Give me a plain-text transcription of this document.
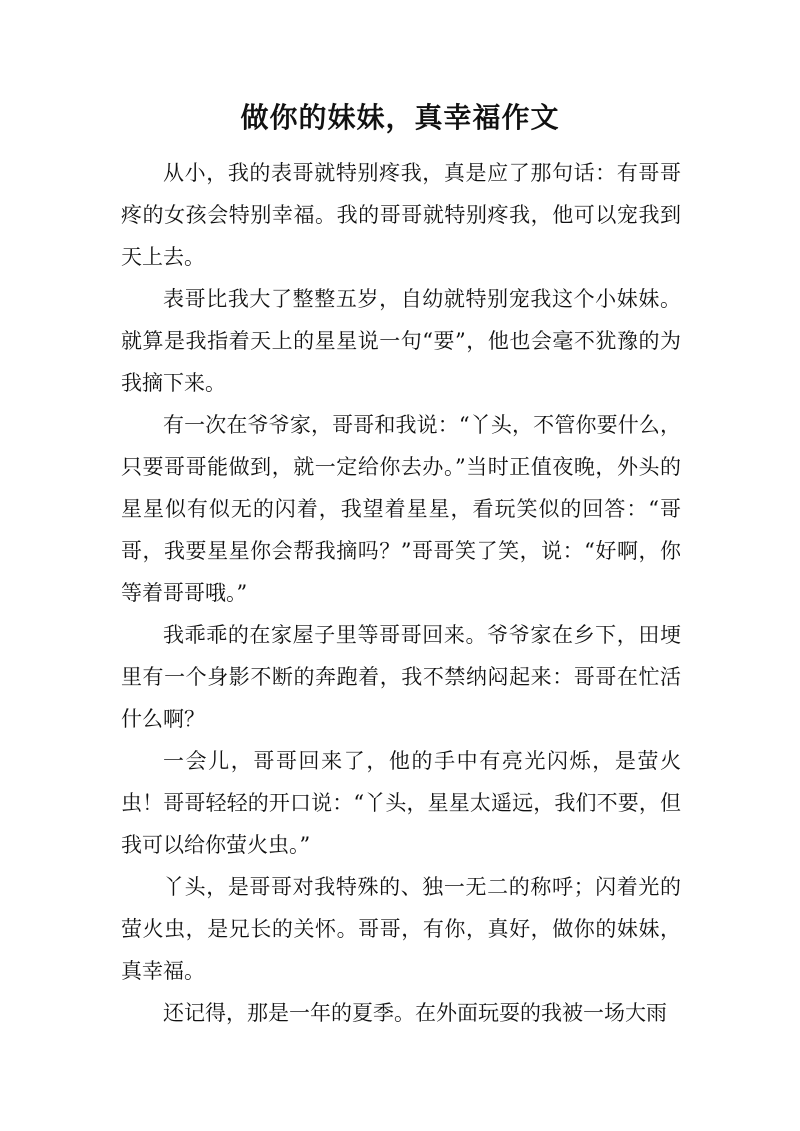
做你的妹妹，真幸福作文

从小，我的表哥就特别疼我，真是应了那句话：有哥哥疼的女孩会特别幸福。我的哥哥就特别疼我，他可以宠我到天上去。

表哥比我大了整整五岁，自幼就特别宠我这个小妹妹。就算是我指着天上的星星说一句“要”，他也会毫不犹豫的为我摘下来。

有一次在爷爷家，哥哥和我说：“丫头，不管你要什么，只要哥哥能做到，就一定给你去办。”当时正值夜晚，外头的星星似有似无的闪着，我望着星星，看玩笑似的回答：“哥哥，我要星星你会帮我摘吗？”哥哥笑了笑，说：“好啊，你等着哥哥哦。”

我乖乖的在家屋子里等哥哥回来。爷爷家在乡下，田埂里有一个身影不断的奔跑着，我不禁纳闷起来：哥哥在忙活什么啊？

一会儿，哥哥回来了，他的手中有亮光闪烁，是萤火虫！哥哥轻轻的开口说：“丫头，星星太遥远，我们不要，但我可以给你萤火虫。”

丫头，是哥哥对我特殊的、独一无二的称呼；闪着光的萤火虫，是兄长的关怀。哥哥，有你，真好，做你的妹妹，真幸福。

还记得，那是一年的夏季。在外面玩耍的我被一场大雨
